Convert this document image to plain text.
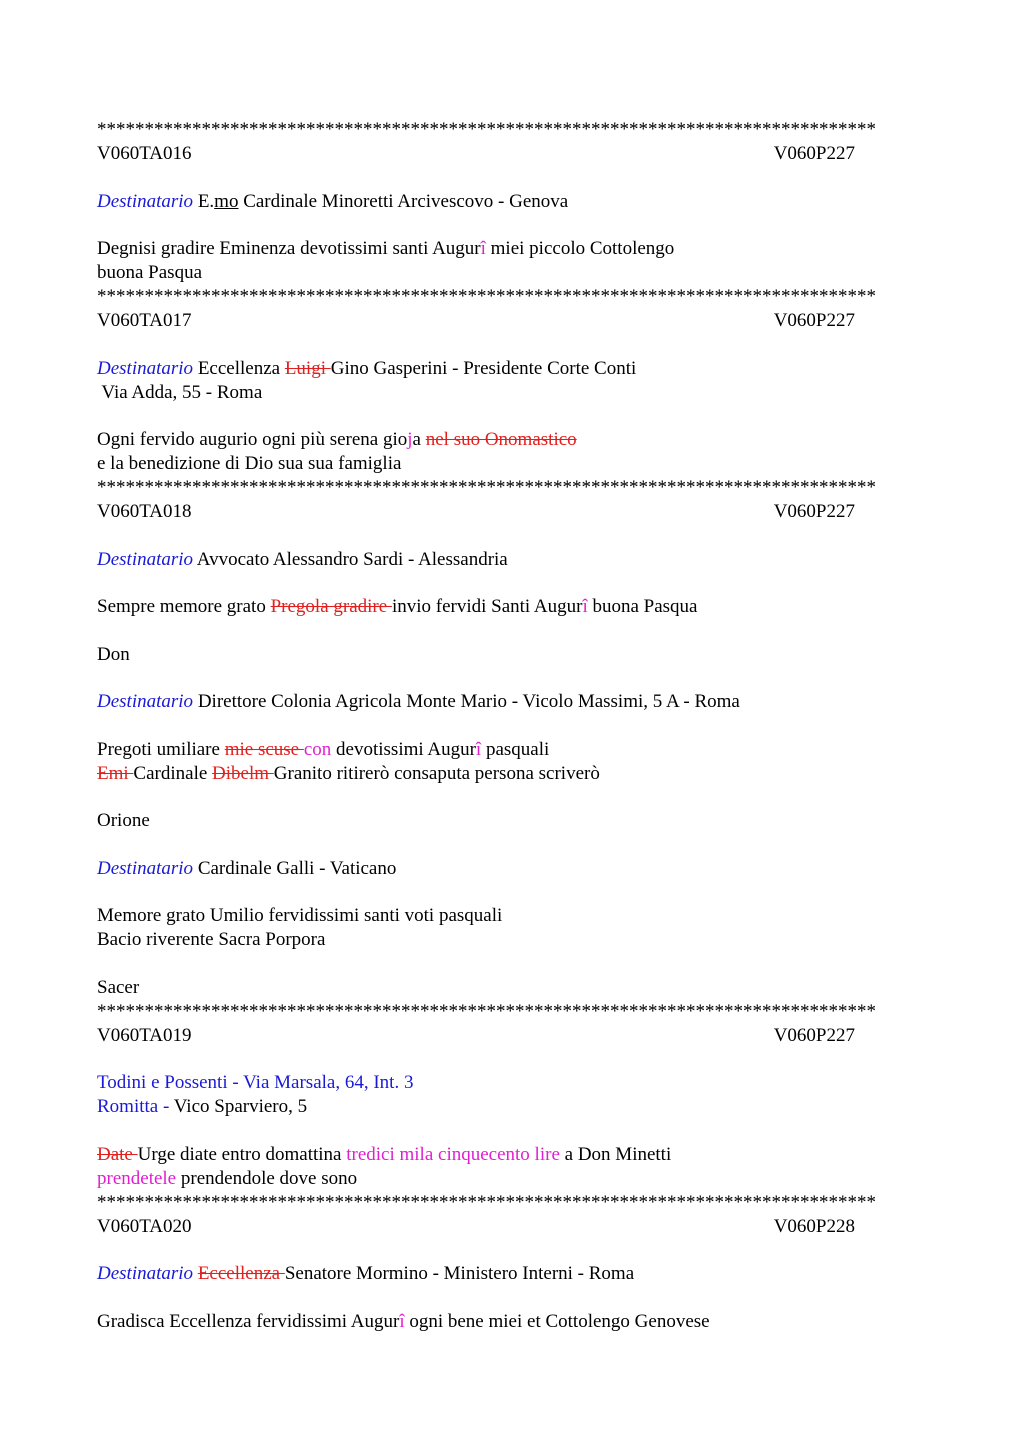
**********************************************************************************
V060TA016	V060P227
Destinatario E.mo Cardinale Minoretti Arcivescovo - Genova
Degnisi gradire Eminenza devotissimi santi Augurî miei piccolo Cottolengo
buona Pasqua
**********************************************************************************
V060TA017	V060P227
Destinatario Eccellenza Luigi Gino Gasperini - Presidente Corte Conti
Via Adda, 55 - Roma
Ogni fervido augurio ogni più serena gioja nel suo Onomastico
e la benedizione di Dio sua sua famiglia
**********************************************************************************
V060TA018	V060P227
Destinatario Avvocato Alessandro Sardi - Alessandria
Sempre memore grato Pregola gradire invio fervidi Santi Augurî buona Pasqua
Don
Destinatario Direttore Colonia Agricola Monte Mario - Vicolo Massimi, 5 A - Roma
Pregoti umiliare mie scuse con devotissimi Augurî pasquali
Emi Cardinale Dibelm Granito ritirerò consaputa persona scriverò
Orione
Destinatario Cardinale Galli - Vaticano
Memore grato Umilio fervidissimi santi voti pasquali
Bacio riverente Sacra Porpora
Sacer
**********************************************************************************
V060TA019	V060P227
Todini e Possenti - Via Marsala, 64, Int. 3
Romitta - Vico Sparviero, 5
Date Urge diate entro domattina tredici mila cinquecento lire a Don Minetti
prendetele prendendole dove sono
**********************************************************************************
V060TA020	V060P228
Destinatario Eccellenza Senatore Mormino - Ministero Interni - Roma
Gradisca Eccellenza fervidissimi Augurî ogni bene miei et Cottolengo Genovese
